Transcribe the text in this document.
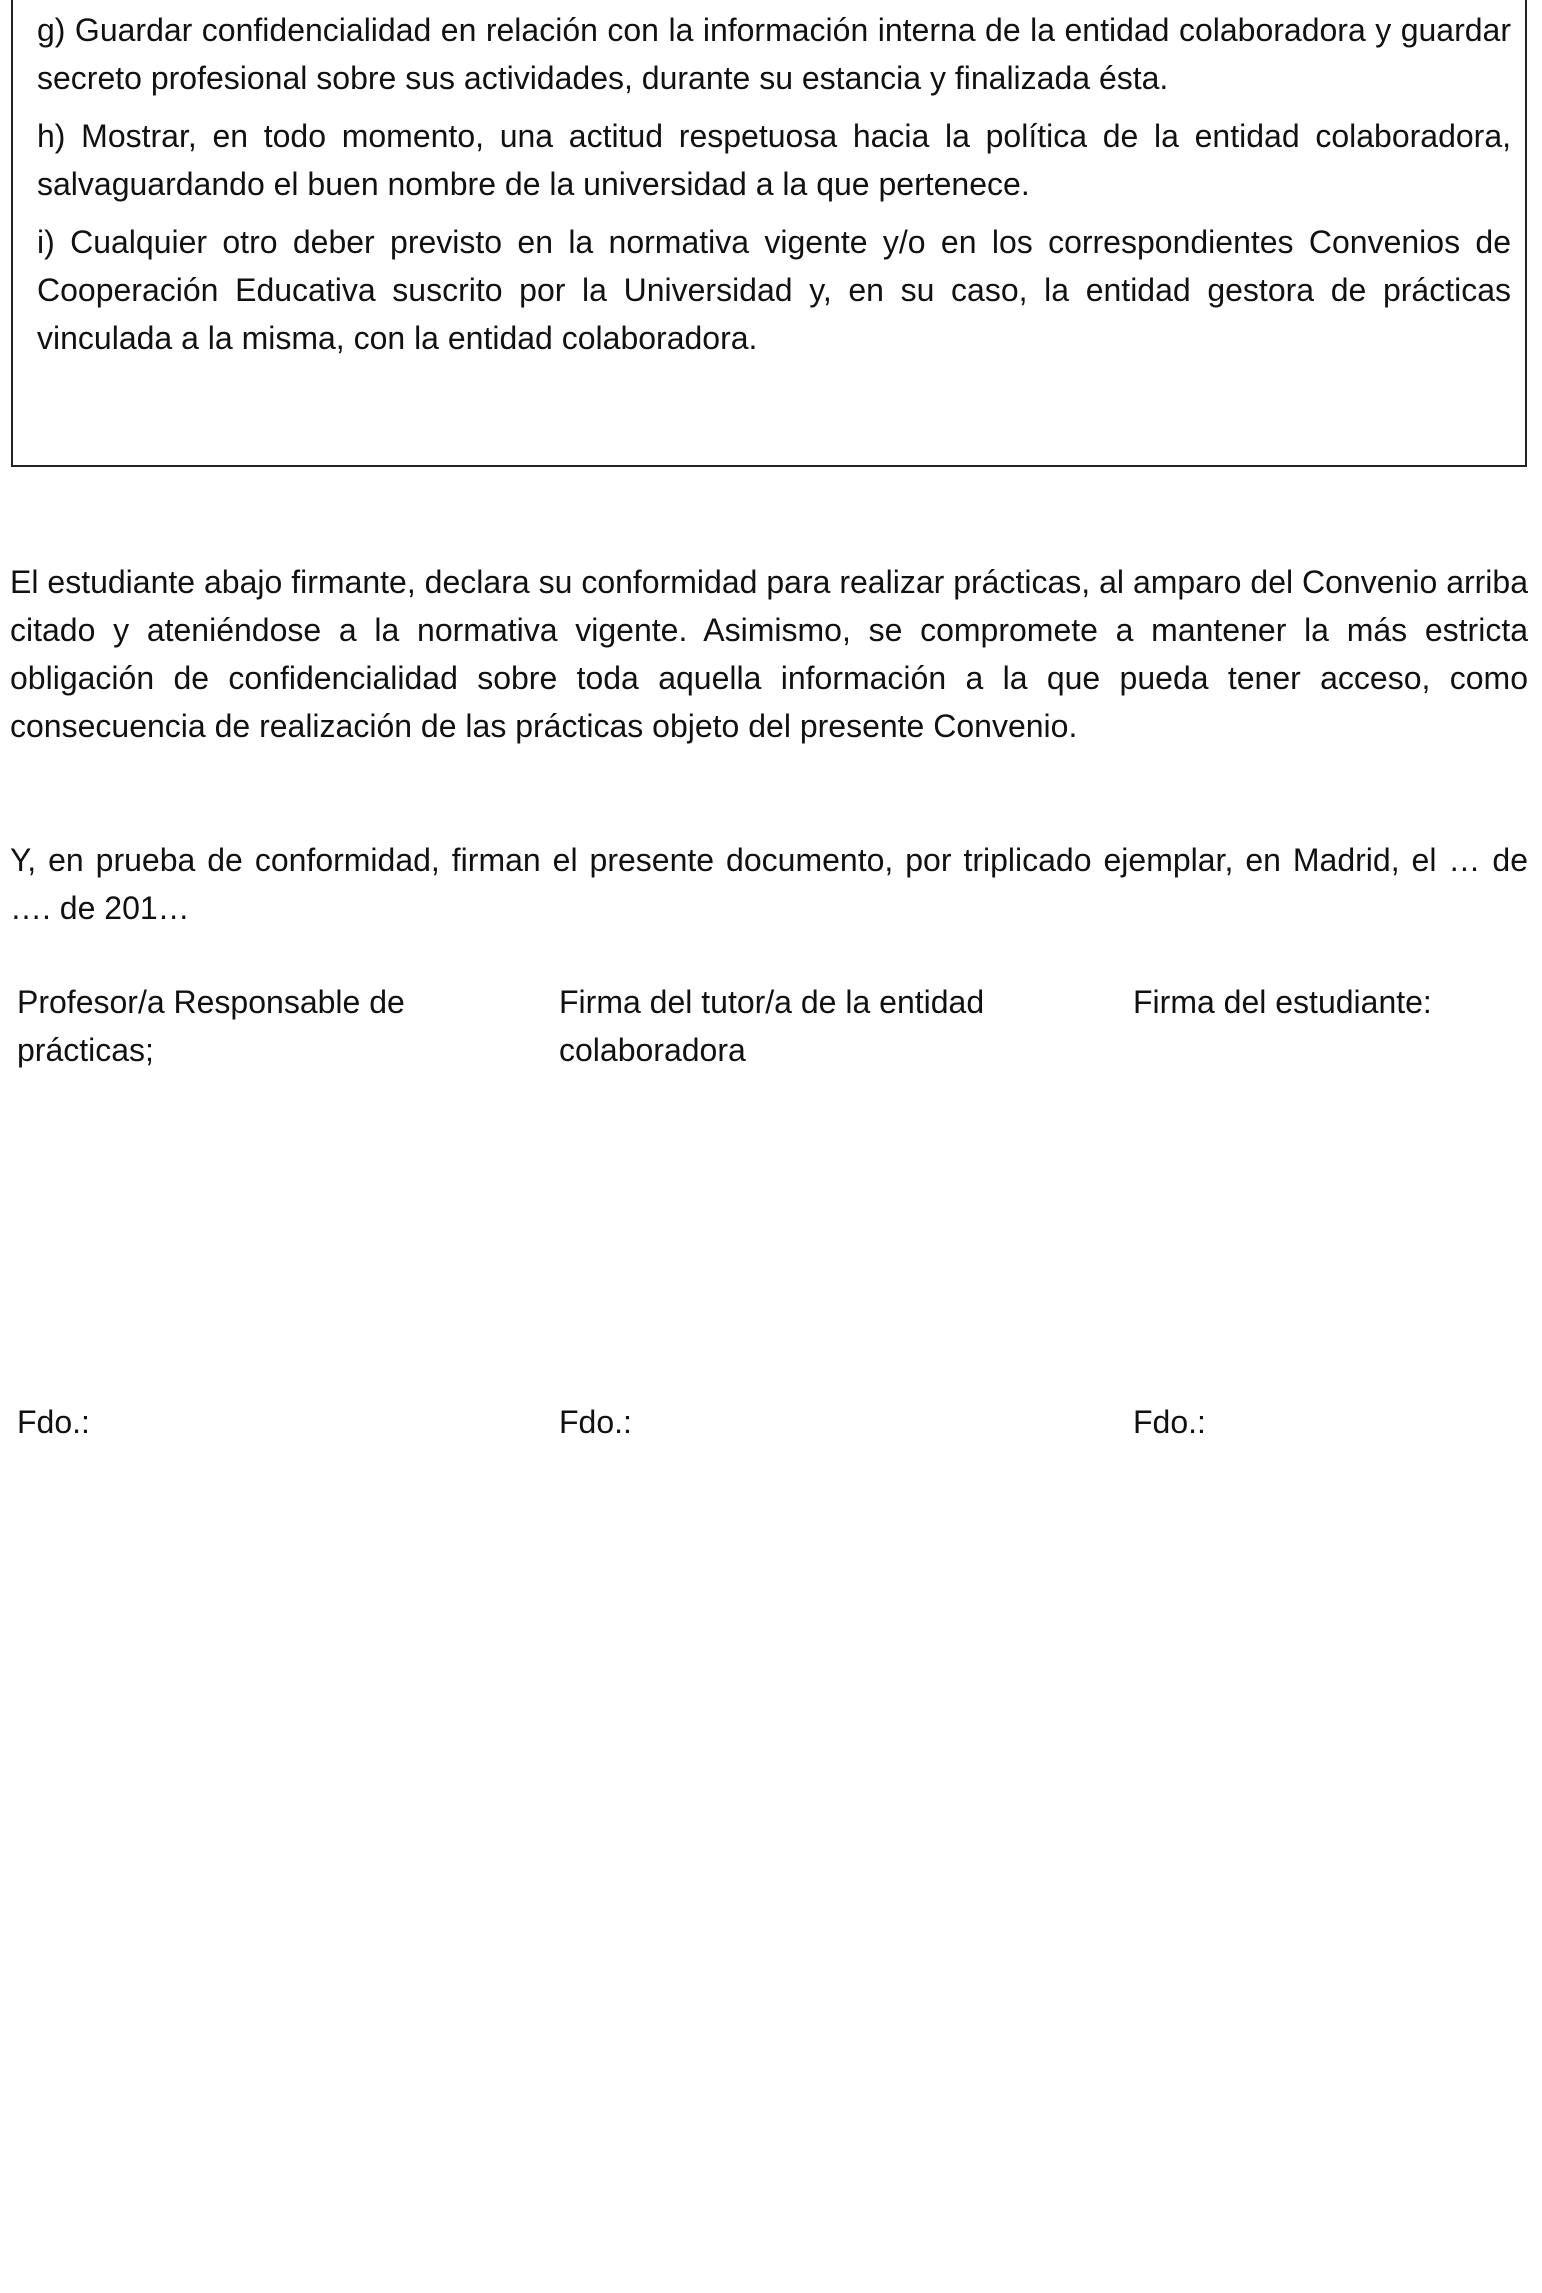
g) Guardar confidencialidad en relación con la información interna de la entidad colaboradora y guardar secreto profesional sobre sus actividades, durante su estancia y finalizada ésta.

h) Mostrar, en todo momento, una actitud respetuosa hacia la política de la entidad colaboradora, salvaguardando el buen nombre de la universidad a la que pertenece.

i) Cualquier otro deber previsto en la normativa vigente y/o en los correspondientes Convenios de Cooperación Educativa suscrito por la Universidad y, en su caso, la entidad gestora de prácticas vinculada a la misma, con la entidad colaboradora.

El estudiante abajo firmante, declara su conformidad para realizar prácticas, al amparo del Convenio arriba citado y ateniéndose a la normativa vigente. Asimismo, se compromete a mantener la más estricta obligación de confidencialidad sobre toda aquella información a la que pueda tener acceso, como consecuencia de realización de las prácticas objeto del presente Convenio.

Y, en prueba de conformidad, firman el presente documento, por triplicado ejemplar, en Madrid, el … de …. de 201…

Profesor/a Responsable de prácticas;

Fdo.:

Firma del tutor/a de la entidad colaboradora

Fdo.:

Firma del estudiante:

Fdo.:
